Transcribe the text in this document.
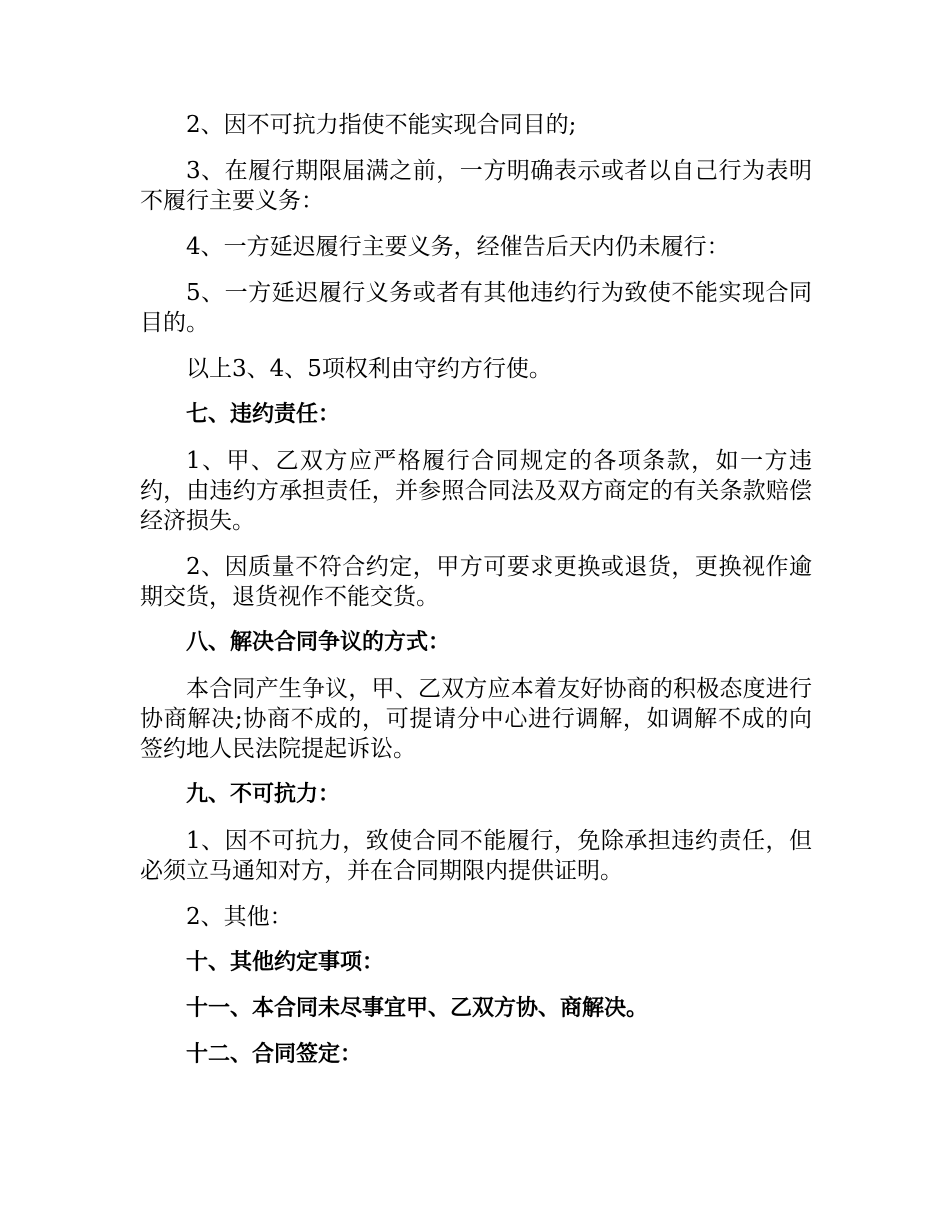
2、因不可抗力指使不能实现合同目的;

3、在履行期限届满之前，一方明确表示或者以自己行为表明不履行主要义务：

4、一方延迟履行主要义务，经催告后天内仍未履行：

5、一方延迟履行义务或者有其他违约行为致使不能实现合同目的。

以上3、4、5项权利由守约方行使。

七、违约责任：

1、甲、乙双方应严格履行合同规定的各项条款，如一方违约，由违约方承担责任，并参照合同法及双方商定的有关条款赔偿经济损失。

2、因质量不符合约定，甲方可要求更换或退货，更换视作逾期交货，退货视作不能交货。

八、解决合同争议的方式：

本合同产生争议，甲、乙双方应本着友好协商的积极态度进行协商解决;协商不成的，可提请分中心进行调解，如调解不成的向签约地人民法院提起诉讼。

九、不可抗力：

1、因不可抗力，致使合同不能履行，免除承担违约责任，但必须立马通知对方，并在合同期限内提供证明。

2、其他：

十、其他约定事项：

十一、本合同未尽事宜甲、乙双方协、商解决。

十二、合同签定：
